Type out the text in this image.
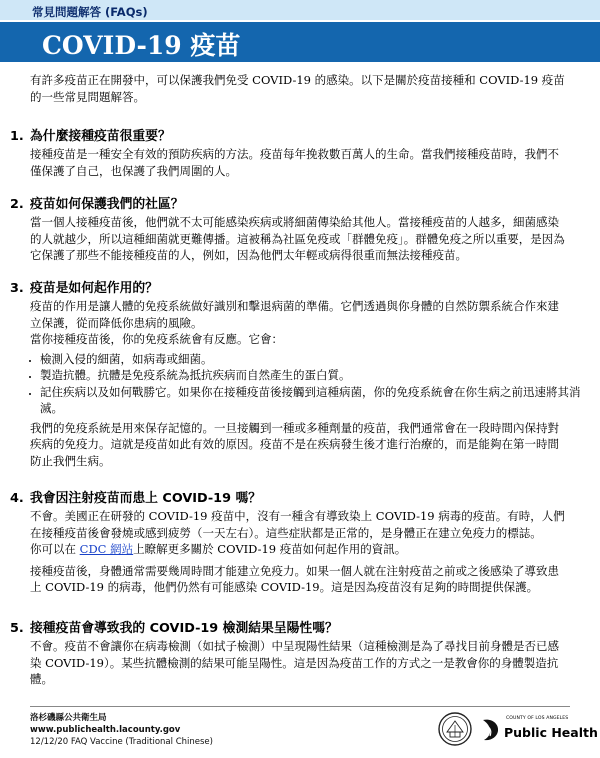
常見問題解答 (FAQs)
COVID-19 疫苗

有許多疫苗正在開發中，可以保護我們免受 COVID-19 的感染。以下是關於疫苗接種和 COVID-19 疫苗的一些常見問題解答。

1. 為什麼接種疫苗很重要？

接種疫苗是一種安全有效的預防疾病的方法。疫苗每年挽救數百萬人的生命。當我們接種疫苗時，我們不僅保護了自己，也保護了我們周圍的人。

2. 疫苗如何保護我們的社區？

當一個人接種疫苗後，他們就不太可能感染疾病或將細菌傳染給其他人。當接種疫苗的人越多，細菌感染的人就越少，所以這種細菌就更難傳播。這被稱為社區免疫或「群體免疫」。群體免疫之所以重要，是因為它保護了那些不能接種疫苗的人，例如，因為他們太年輕或病得很重而無法接種疫苗。

3. 疫苗是如何起作用的？

疫苗的作用是讓人體的免疫系統做好識別和擊退病菌的準備。它們透過與你身體的自然防禦系統合作來建立保護，從而降低你患病的風險。

當你接種疫苗後，你的免疫系統會有反應。它會：

• 檢測入侵的細菌，如病毒或細菌。
• 製造抗體。抗體是免疫系統為抵抗疾病而自然產生的蛋白質。
• 記住疾病以及如何戰勝它。如果你在接種疫苗後接觸到這種病菌，你的免疫系統會在你生病之前迅速將其消滅。

我們的免疫系統是用來保存記憶的。一旦接觸到一種或多種劑量的疫苗，我們通常會在一段時間內保持對疾病的免疫力。這就是疫苗如此有效的原因。疫苗不是在疾病發生後才進行治療的，而是能夠在第一時間防止我們生病。

4. 我會因注射疫苗而患上 COVID-19 嗎？

不會。美國正在研發的 COVID-19 疫苗中，沒有一種含有導致染上 COVID-19 病毒的疫苗。有時，人們在接種疫苗後會發燒或感到疲勞（一天左右）。這些症狀都是正常的，是身體正在建立免疫力的標誌。

你可以在 CDC 網站上瞭解更多關於 COVID-19 疫苗如何起作用的資訊。

接種疫苗後，身體通常需要幾周時間才能建立免疫力。如果一個人就在注射疫苗之前或之後感染了導致患上 COVID-19 的病毒，他們仍然有可能感染 COVID-19。這是因為疫苗沒有足夠的時間提供保護。

5. 接種疫苗會導致我的 COVID-19 檢測結果呈陽性嗎？

不會。疫苗不會讓你在病毒檢測（如拭子檢測）中呈現陽性結果（這種檢測是為了尋找目前身體是否已感染 COVID-19）。某些抗體檢測的結果可能呈陽性。這是因為疫苗工作的方式之一是教會你的身體製造抗體。

洛杉磯縣公共衛生局
www.publichealth.lacounty.gov
12/12/20 FAQ Vaccine (Traditional Chinese)
COUNTY OF LOS ANGELES
Public Health
